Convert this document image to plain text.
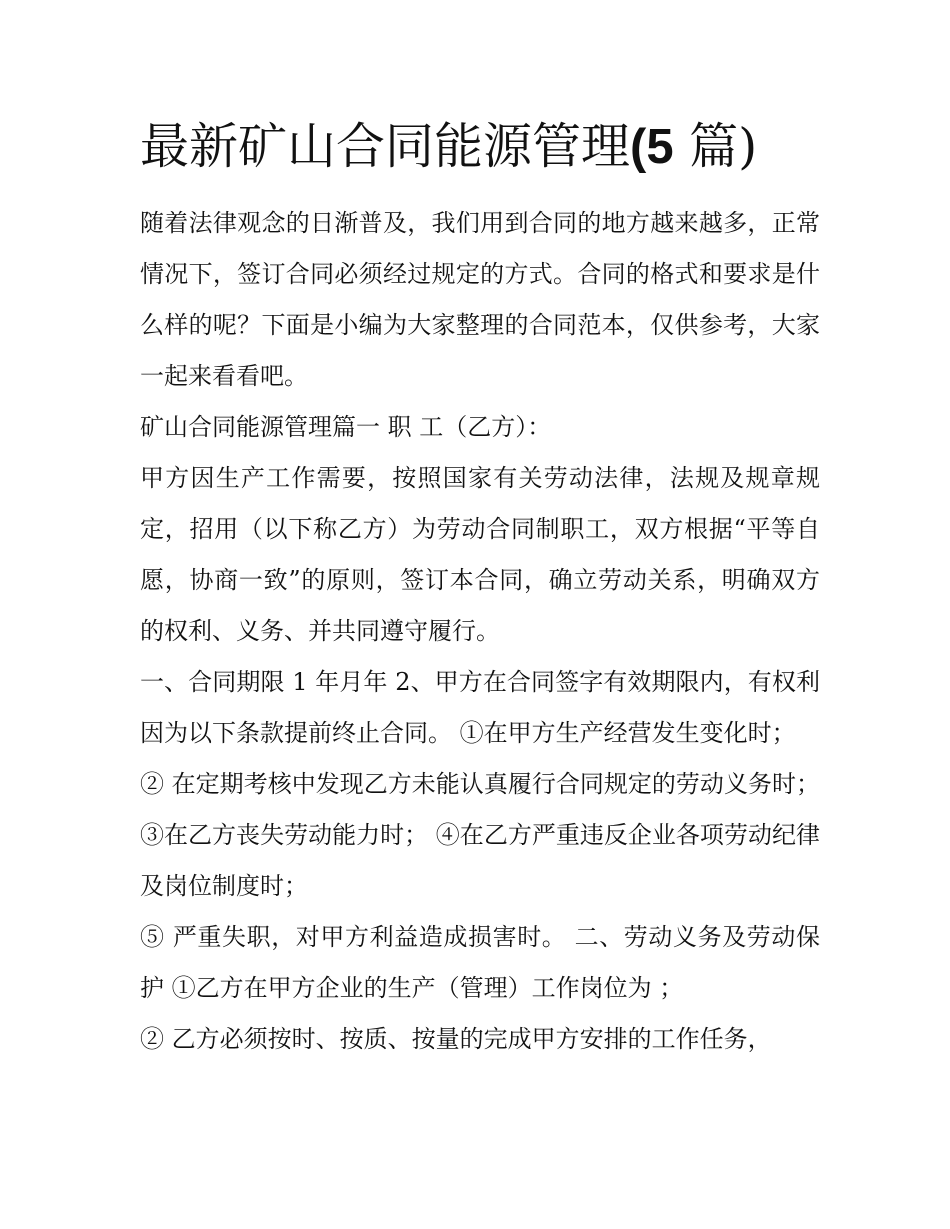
最新矿山合同能源管理(5 篇)

随着法律观念的日渐普及，我们用到合同的地方越来越多，正常情况下，签订合同必须经过规定的方式。合同的格式和要求是什么样的呢？下面是小编为大家整理的合同范本，仅供参考，大家一起来看看吧。

矿山合同能源管理篇一 职 工（乙方）：

甲方因生产工作需要，按照国家有关劳动法律，法规及规章规定，招用（以下称乙方）为劳动合同制职工，双方根据“平等自愿，协商一致”的原则，签订本合同，确立劳动关系，明确双方的权利、义务、并共同遵守履行。

一、合同期限 1 年月年 2、甲方在合同签字有效期限内，有权利因为以下条款提前终止合同。 ①在甲方生产经营发生变化时；

② 在定期考核中发现乙方未能认真履行合同规定的劳动义务时； ③在乙方丧失劳动能力时； ④在乙方严重违反企业各项劳动纪律及岗位制度时；

⑤ 严重失职，对甲方利益造成损害时。 二、劳动义务及劳动保护 ①乙方在甲方企业的生产（管理）工作岗位为 ；

② 乙方必须按时、按质、按量的完成甲方安排的工作任务，
